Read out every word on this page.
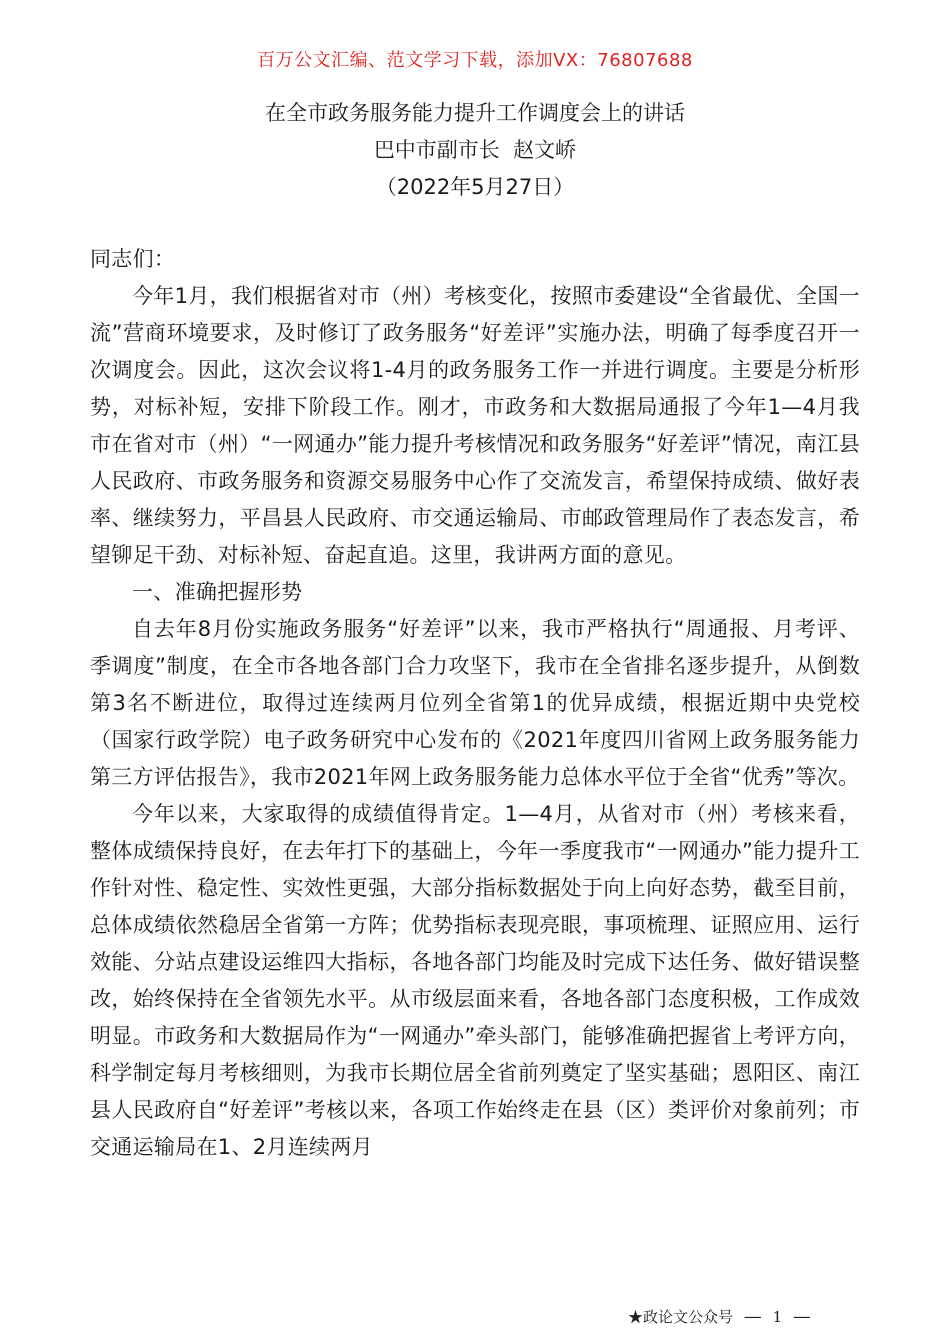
百万公文汇编、范文学习下载，添加VX：76807688
在全市政务服务能力提升工作调度会上的讲话
巴中市副市长  赵文峤
（2022年5月27日）

同志们：

今年1月，我们根据省对市（州）考核变化，按照市委建设“全省最优、全国一流”营商环境要求，及时修订了政务服务“好差评”实施办法，明确了每季度召开一次调度会。因此，这次会议将1-4月的政务服务工作一并进行调度。主要是分析形势，对标补短，安排下阶段工作。刚才，市政务和大数据局通报了今年1—4月我市在省对市（州）“一网通办”能力提升考核情况和政务服务“好差评”情况，南江县人民政府、市政务服务和资源交易服务中心作了交流发言，希望保持成绩、做好表率、继续努力，平昌县人民政府、市交通运输局、市邮政管理局作了表态发言，希望铆足干劲、对标补短、奋起直追。这里，我讲两方面的意见。

一、准确把握形势

自去年8月份实施政务服务“好差评”以来，我市严格执行“周通报、月考评、季调度”制度，在全市各地各部门合力攻坚下，我市在全省排名逐步提升，从倒数第3名不断进位，取得过连续两月位列全省第1的优异成绩，根据近期中央党校（国家行政学院）电子政务研究中心发布的《2021年度四川省网上政务服务能力第三方评估报告》，我市2021年网上政务服务能力总体水平位于全省“优秀”等次。

今年以来，大家取得的成绩值得肯定。1—4月，从省对市（州）考核来看，整体成绩保持良好，在去年打下的基础上，今年一季度我市“一网通办”能力提升工作针对性、稳定性、实效性更强，大部分指标数据处于向上向好态势，截至目前，总体成绩依然稳居全省第一方阵；优势指标表现亮眼，事项梳理、证照应用、运行效能、分站点建设运维四大指标，各地各部门均能及时完成下达任务、做好错误整改，始终保持在全省领先水平。从市级层面来看，各地各部门态度积极，工作成效明显。市政务和大数据局作为“一网通办”牵头部门，能够准确把握省上考评方向，科学制定每月考核细则，为我市长期位居全省前列奠定了坚实基础；恩阳区、南江县人民政府自“好差评”考核以来，各项工作始终走在县（区）类评价对象前列；市交通运输局在1、2月连续两月

★政论文公众号 — 1 —
